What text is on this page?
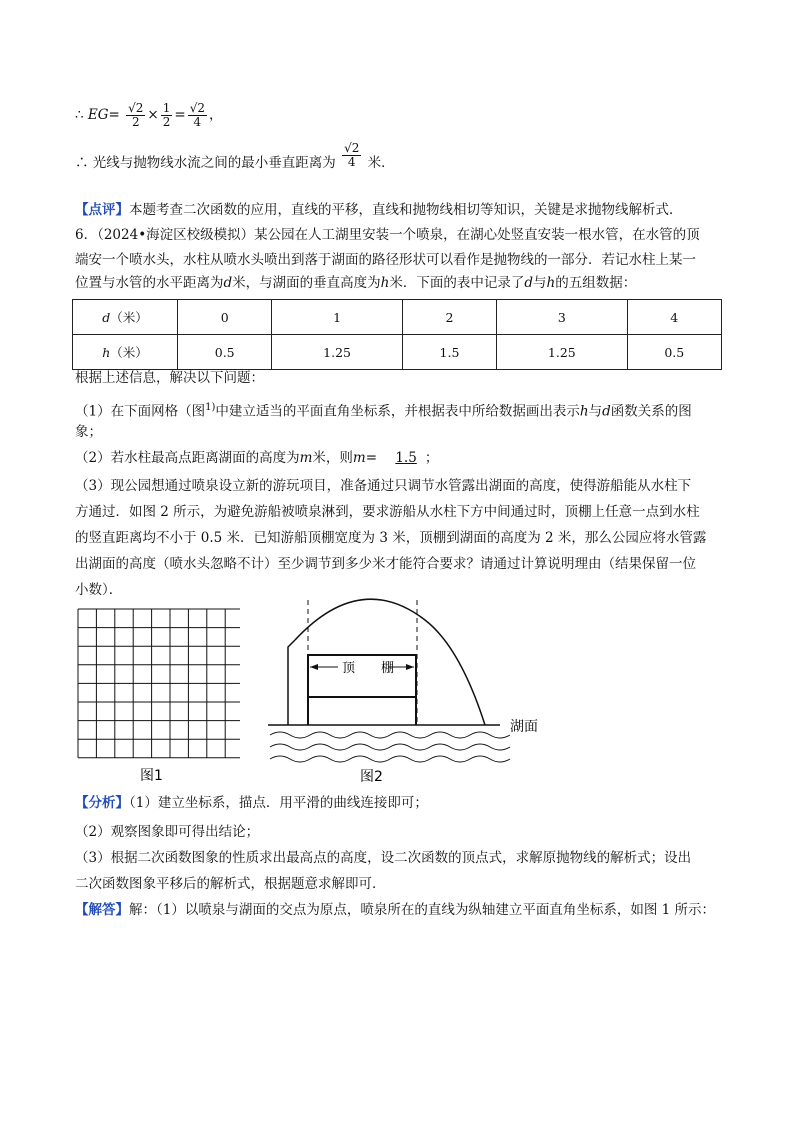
∴ $EG= \frac{√2}{2} \times \frac{1}{2} = \frac{√2}{4}$ ，
∴ 光线与抛物线水流之间的最小垂直距离为 $\frac{√2}{4}$ 米．
【点评】本题考查二次函数的应用，直线的平移，直线和抛物线相切等知识，关键是求抛物线解析式．
6．（2024•海淀区校级模拟）某公园在人工湖里安装一个喷泉，在湖心处竖直安装一根水管，在水管的顶
端安一个喷水头，水柱从喷水头喷出到落于湖面的路径形状可以看作是抛物线的一部分．若记水柱上某一
位置与水管的水平距离为d米，与湖面的垂直高度为h米．下面的表中记录了d与h的五组数据：
d（米）	0	1	2	3	4
h（米）	0.5	1.25	1.5	1.25	0.5
根据上述信息，解决以下问题：
（1）在下面网格（图$^{1)}$中建立适当的平面直角坐标系，并根据表中所给数据画出表示h与d函数关系的图
象；
（2）若水柱最高点距离湖面的高度为m米，则m= 1.5 ；
（3）现公园想通过喷泉设立新的游玩项目，准备通过只调节水管露出湖面的高度，使得游船能从水柱下
方通过．如图 2 所示，为避免游船被喷泉淋到，要求游船从水柱下方中间通过时，顶棚上任意一点到水柱
的竖直距离均不小于 0.5 米．已知游船顶棚宽度为 3 米，顶棚到湖面的高度为 2 米，那么公园应将水管露
出湖面的高度（喷水头忽略不计）至少调节到多少米才能符合要求？请通过计算说明理由（结果保留一位
小数）．
图1
顶　　棚
湖面
图2
【分析】（1）建立坐标系，描点．用平滑的曲线连接即可；
（2）观察图象即可得出结论；
（3）根据二次函数图象的性质求出最高点的高度，设二次函数的顶点式，求解原抛物线的解析式；设出
二次函数图象平移后的解析式，根据题意求解即可．
【解答】解：（1）以喷泉与湖面的交点为原点，喷泉所在的直线为纵轴建立平面直角坐标系，如图 1 所示：
